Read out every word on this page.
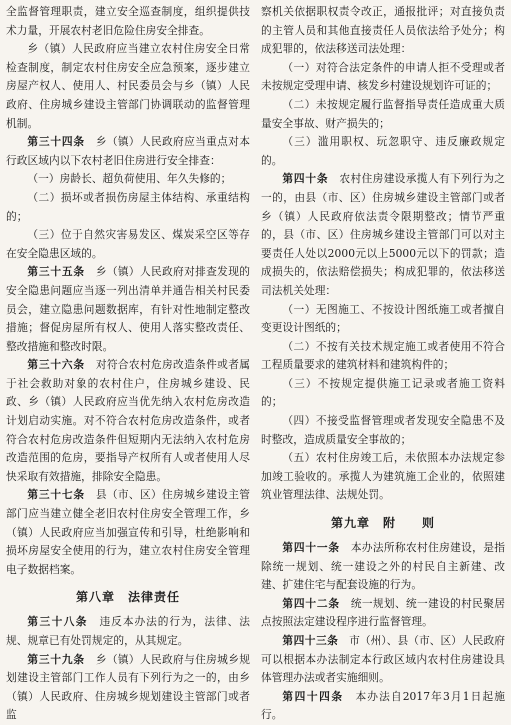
全监督管理职责，建立安全巡查制度，组织提供技术力量，开展农村老旧危险住房安全排查。

乡（镇）人民政府应当建立农村住房安全日常检查制度，制定农村住房安全应急预案，逐步建立房屋产权人、使用人、村民委员会与乡（镇）人民政府、住房城乡建设主管部门协调联动的监督管理机制。

第三十四条　 乡（镇）人民政府应当重点对本行政区域内以下农村老旧住房进行安全排查：

（一）房龄长、超负荷使用、年久失修的；

（二）损坏或者损伤房屋主体结构、承重结构的；

（三）位于自然灾害易发区、煤炭采空区等存在安全隐患区域的。

第三十五条　 乡（镇）人民政府对排查发现的安全隐患问题应当逐一列出清单并通告相关村民委员会，建立隐患问题数据库，有针对性地制定整改措施；督促房屋所有权人、使用人落实整改责任、整改措施和整改时限。

第三十六条　 对符合农村危房改造条件或者属于社会救助对象的农村住户，住房城乡建设、民政、乡（镇）人民政府应当优先纳入农村危房改造计划启动实施。对不符合农村危房改造条件，或者符合农村危房改造条件但短期内无法纳入农村危房改造范围的危房，要指导产权所有人或者使用人尽快采取有效措施，排除安全隐患。

第三十七条　 县（市、区）住房城乡建设主管部门应当建立健全老旧农村住房安全管理工作，乡（镇）人民政府应当加强宣传和引导，杜绝影响和损坏房屋安全使用的行为，建立农村住房安全管理电子数据档案。

第八章　法律责任

第三十八条　 违反本办法的行为，法律、法规、规章已有处罚规定的，从其规定。

第三十九条　 乡（镇）人民政府与住房城乡规划建设主管部门工作人员有下列行为之一的，由乡（镇）人民政府、住房城乡规划建设主管部门或者监

察机关依据职权责令改正，通报批评；对直接负责的主管人员和其他直接责任人员依法给予处分；构成犯罪的，依法移送司法处理：

（一）对符合法定条件的申请人拒不受理或者未按规定受理申请、核发乡村建设规划许可证的；

（二）未按规定履行监督指导责任造成重大质量安全事故、财产损失的；

（三）滥用职权、玩忽职守、违反廉政规定的。

第四十条　 农村住房建设承揽人有下列行为之一的，由县（市、区）住房城乡建设主管部门或者乡（镇）人民政府依法责令限期整改；情节严重的，县（市、区）住房城乡建设主管部门可以对主要责任人处以2000元以上5000元以下的罚款；造成损失的，依法赔偿损失；构成犯罪的，依法移送司法机关处理：

（一）无图施工、不按设计图纸施工或者擅自变更设计图纸的；

（二）不按有关技术规定施工或者使用不符合工程质量要求的建筑材料和建筑构件的；

（三）不按规定提供施工记录或者施工资料的；

（四）不接受监督管理或者发现安全隐患不及时整改，造成质量安全事故的；

（五）农村住房竣工后，未依照本办法规定参加竣工验收的。承揽人为建筑施工企业的，依照建筑业管理法律、法规处罚。

第九章　附　　则

第四十一条　 本办法所称农村住房建设，是指除统一规划、统一建设之外的村民自主新建、改建、扩建住宅与配套设施的行为。

第四十二条　 统一规划、统一建设的村民聚居点按照法定建设程序进行监督管理。

第四十三条　 市（州）、县（市、区）人民政府可以根据本办法制定本行政区域内农村住房建设具体管理办法或者实施细则。

第四十四条　 本办法自2017年3月1日起施行。
